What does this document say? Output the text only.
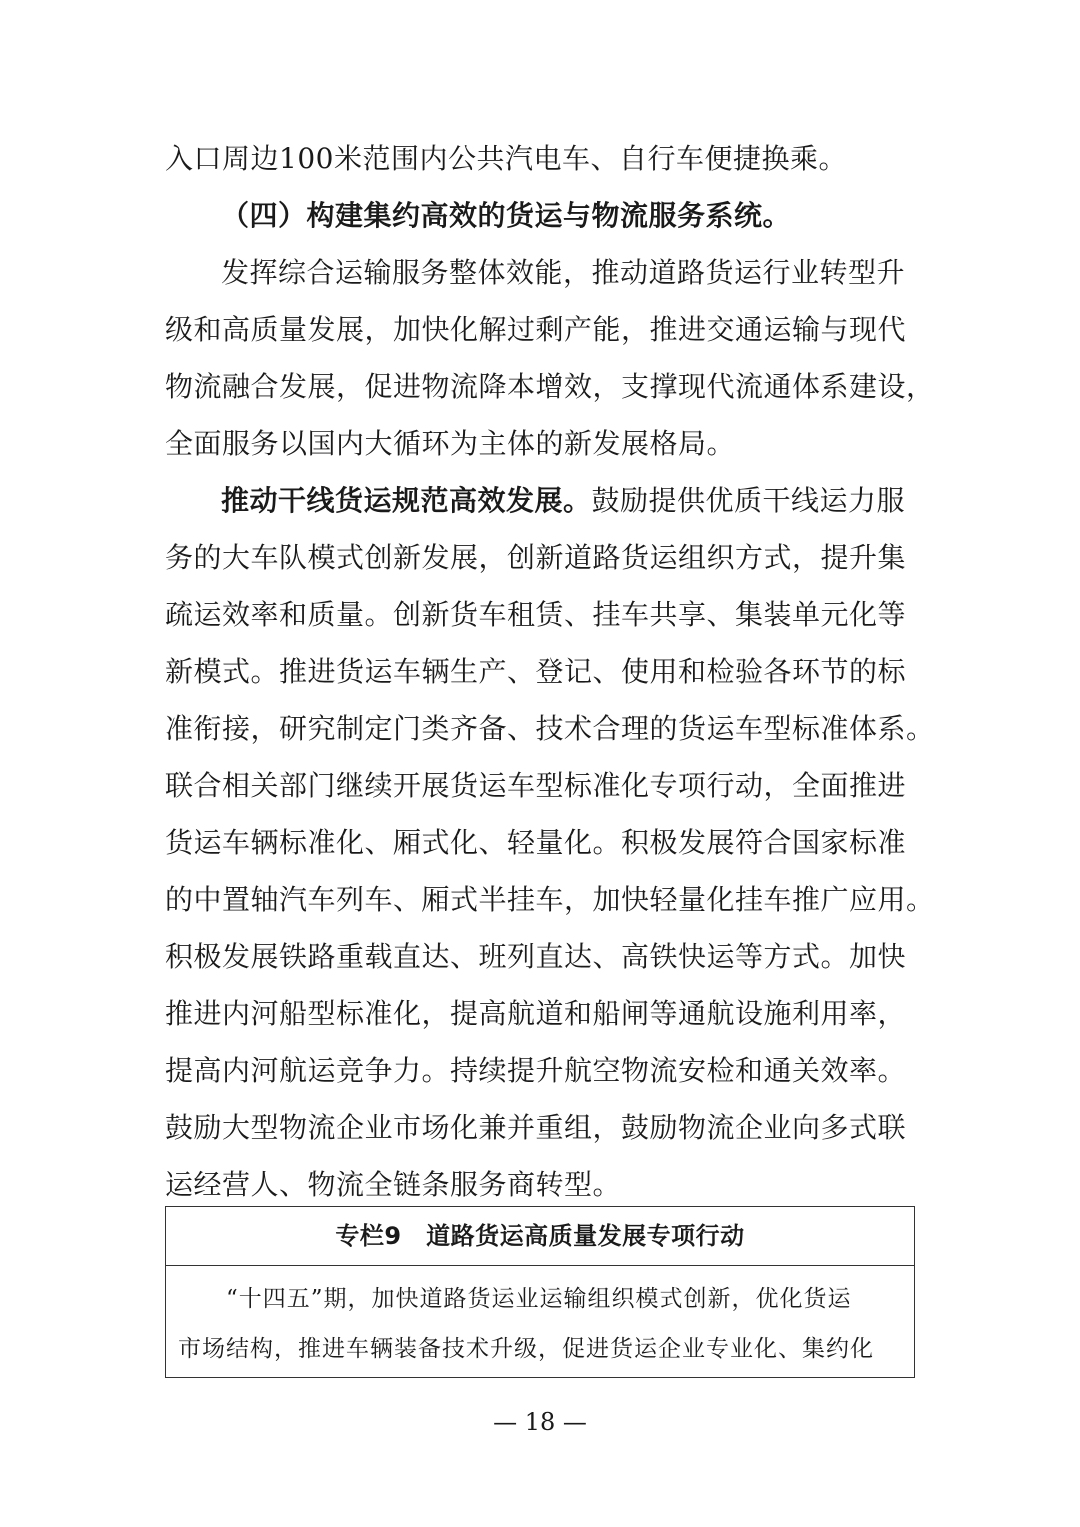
入口周边100米范围内公共汽电车、自行车便捷换乘。
（四）构建集约高效的货运与物流服务系统。
发挥综合运输服务整体效能，推动道路货运行业转型升
级和高质量发展，加快化解过剩产能，推进交通运输与现代
物流融合发展，促进物流降本增效，支撑现代流通体系建设，
全面服务以国内大循环为主体的新发展格局。
推动干线货运规范高效发展。鼓励提供优质干线运力服
务的大车队模式创新发展，创新道路货运组织方式，提升集
疏运效率和质量。创新货车租赁、挂车共享、集装单元化等
新模式。推进货运车辆生产、登记、使用和检验各环节的标
准衔接，研究制定门类齐备、技术合理的货运车型标准体系。
联合相关部门继续开展货运车型标准化专项行动，全面推进
货运车辆标准化、厢式化、轻量化。积极发展符合国家标准
的中置轴汽车列车、厢式半挂车，加快轻量化挂车推广应用。
积极发展铁路重载直达、班列直达、高铁快运等方式。加快
推进内河船型标准化，提高航道和船闸等通航设施利用率，
提高内河航运竞争力。持续提升航空物流安检和通关效率。
鼓励大型物流企业市场化兼并重组，鼓励物流企业向多式联
运经营人、物流全链条服务商转型。
专栏9　道路货运高质量发展专项行动
“十四五”期，加快道路货运业运输组织模式创新，优化货运
市场结构，推进车辆装备技术升级，促进货运企业专业化、集约化
— 18 —
